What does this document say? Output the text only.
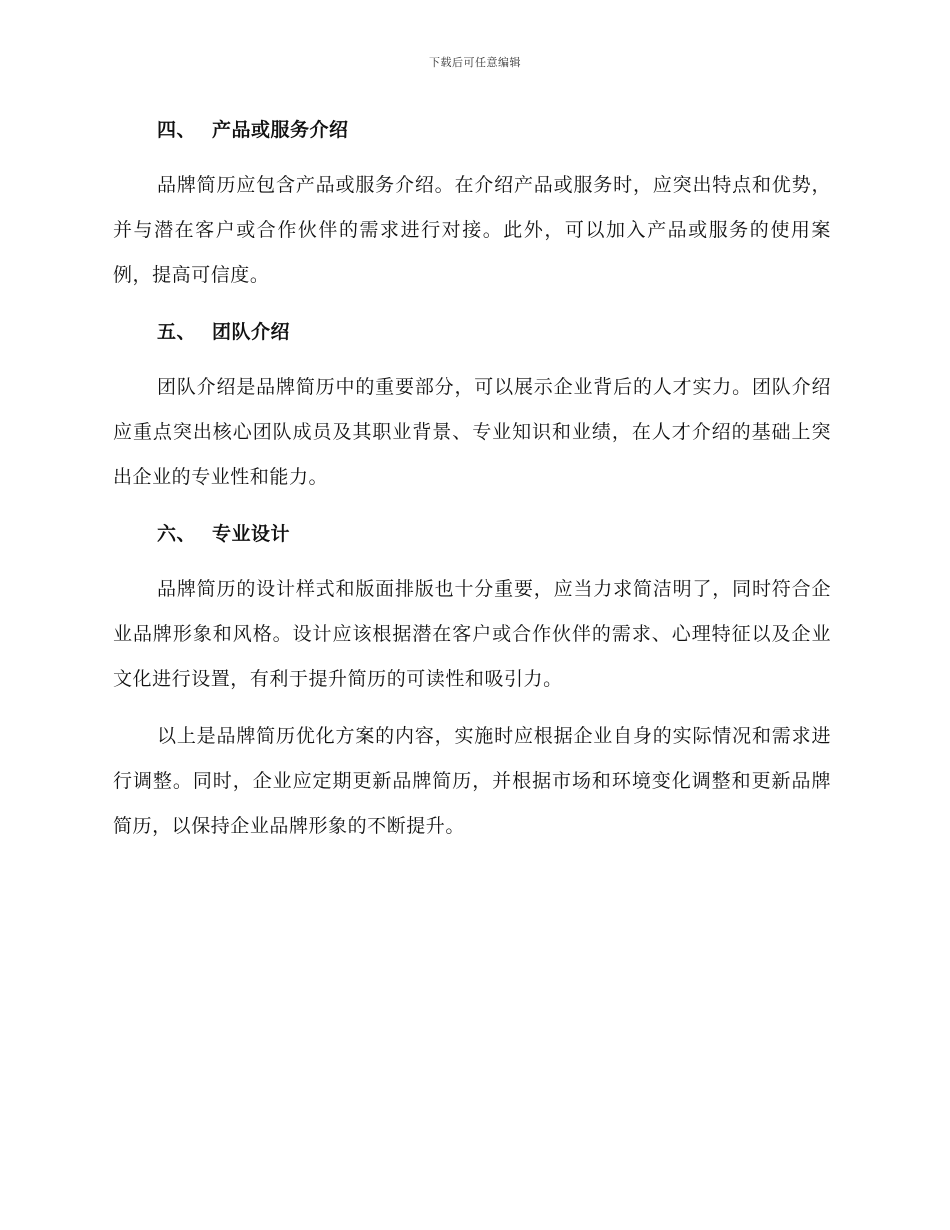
下载后可任意编辑
四、 产品或服务介绍

品牌简历应包含产品或服务介绍。在介绍产品或服务时，应突出特点和优势，并与潜在客户或合作伙伴的需求进行对接。此外，可以加入产品或服务的使用案例，提高可信度。

五、 团队介绍

团队介绍是品牌简历中的重要部分，可以展示企业背后的人才实力。团队介绍应重点突出核心团队成员及其职业背景、专业知识和业绩，在人才介绍的基础上突出企业的专业性和能力。

六、 专业设计

品牌简历的设计样式和版面排版也十分重要，应当力求简洁明了，同时符合企业品牌形象和风格。设计应该根据潜在客户或合作伙伴的需求、心理特征以及企业文化进行设置，有利于提升简历的可读性和吸引力。

以上是品牌简历优化方案的内容，实施时应根据企业自身的实际情况和需求进行调整。同时，企业应定期更新品牌简历，并根据市场和环境变化调整和更新品牌简历，以保持企业品牌形象的不断提升。
